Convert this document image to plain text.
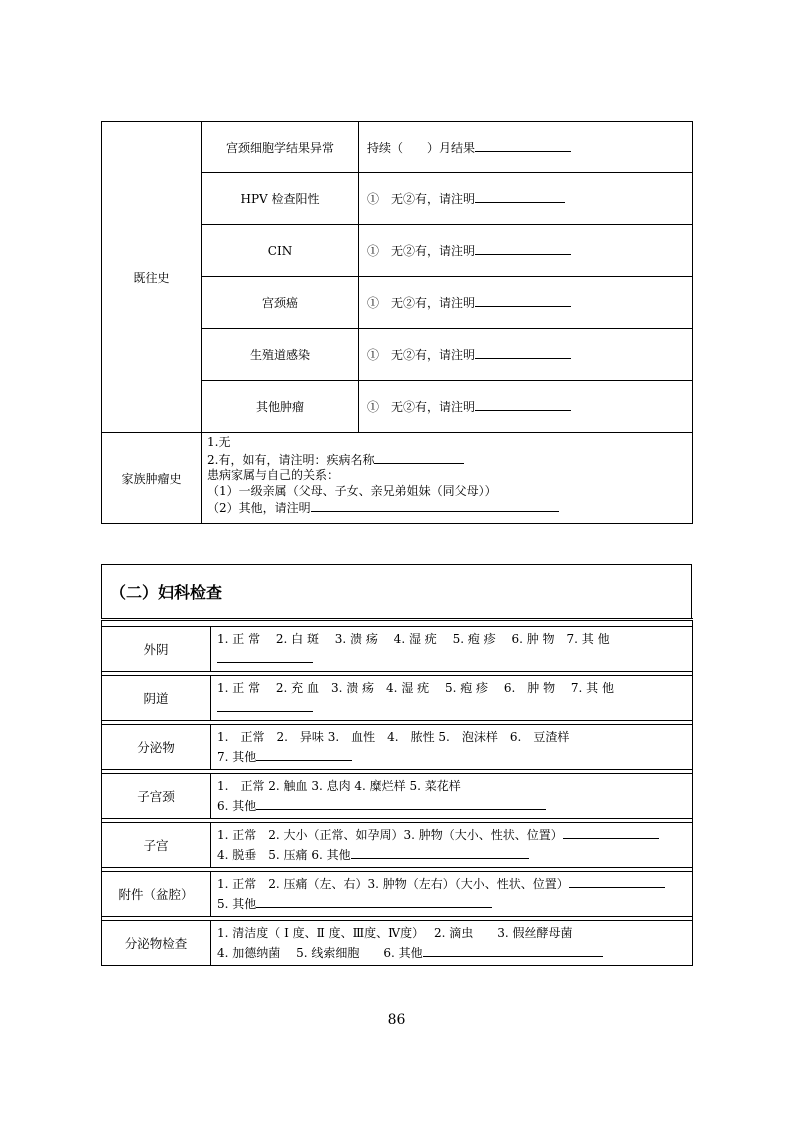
既往史	宫颈细胞学结果异常	持续（　　）月结果
	HPV 检查阳性	①　无②有，请注明
	CIN	①　无②有，请注明
	宫颈癌	①　无②有，请注明
	生殖道感染	①　无②有，请注明
	其他肿瘤	①　无②有，请注明
家族肿瘤史	1.无
2.有，如有，请注明：疾病名称
患病家属与自己的关系：
（1）一级亲属（父母、子女、亲兄弟姐妹（同父母））
（2）其他，请注明	
（二）妇科检查

外阴	1. 正 常　 2. 白 斑　 3. 溃 疡　 4. 湿 疣　 5. 疱 疹　 6. 肿 物　7. 其 他

阴道	1. 正 常　 2. 充 血　3. 溃 疡　4. 湿 疣　 5. 疱 疹　 6.　肿 物　 7. 其 他

分泌物	1.　正常　2.　异味 3.　血性　4.　脓性 5.　泡沫样　6.　豆渣样
7. 其他

子宫颈	1.　正常 2. 触血 3. 息肉 4. 糜烂样 5. 菜花样
6. 其他

子宫	1. 正常　2. 大小（正常、如孕周）3. 肿物（大小、性状、位置）
4. 脱垂　5. 压痛 6. 其他

附件（盆腔）	1. 正常　2. 压痛（左、右）3. 肿物（左右）（大小、性状、位置）
5. 其他

分泌物检查	1. 清洁度（ Ⅰ 度、Ⅱ 度、Ⅲ度、Ⅳ度）　 2. 滴虫　　3. 假丝酵母菌
4. 加德纳菌　 5. 线索细胞　　6. 其他
86
